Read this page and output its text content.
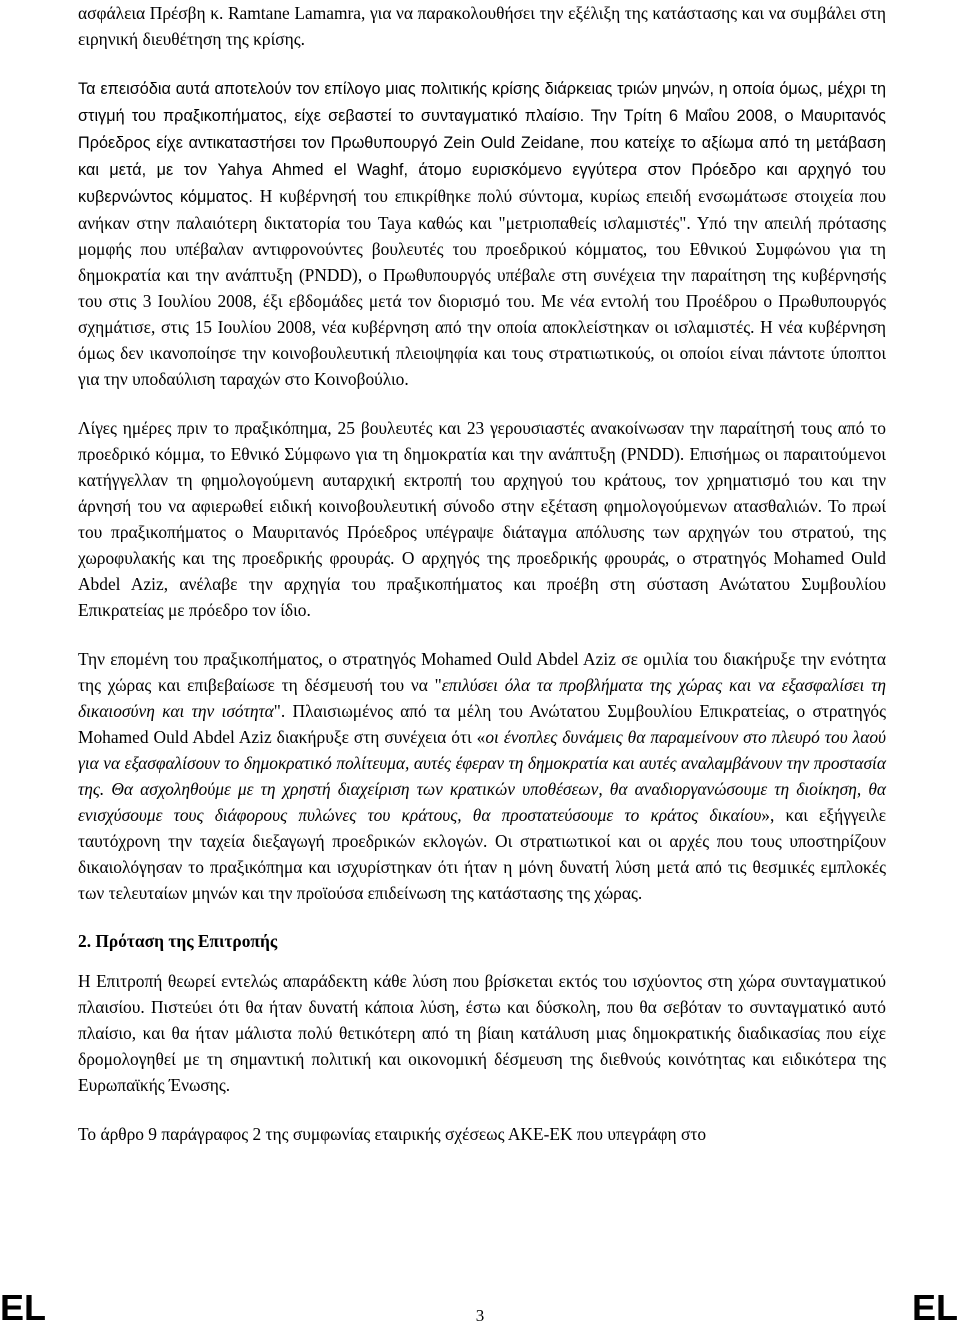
ασφάλεια Πρέσβη κ. Ramtane Lamamra, για να παρακολουθήσει την εξέλιξη της κατάστασης και να συμβάλει στη ειρηνική διευθέτηση της κρίσης.

Τα επεισόδια αυτά αποτελούν τον επίλογο μιας πολιτικής κρίσης διάρκειας τριών μηνών, η οποία όμως, μέχρι τη στιγμή του πραξικοπήματος, είχε σεβαστεί το συνταγματικό πλαίσιο. Την Τρίτη 6 Μαΐου 2008, ο Μαυριτανός Πρόεδρος είχε αντικαταστήσει τον Πρωθυπουργό Zein Ould Zeidane, που κατείχε το αξίωμα από τη μετάβαση και μετά, με τον Yahya Ahmed el Waghf, άτομο ευρισκόμενο εγγύτερα στον Πρόεδρο και αρχηγό του κυβερνώντος κόμματος. Η κυβέρνησή του επικρίθηκε πολύ σύντομα, κυρίως επειδή ενσωμάτωσε στοιχεία που ανήκαν στην παλαιότερη δικτατορία του Taya καθώς και "μετριοπαθείς ισλαμιστές". Υπό την απειλή πρότασης μομφής που υπέβαλαν αντιφρονούντες βουλευτές του προεδρικού κόμματος, του Εθνικού Συμφώνου για τη δημοκρατία και την ανάπτυξη (PNDD), ο Πρωθυπουργός υπέβαλε στη συνέχεια την παραίτηση της κυβέρνησής του στις 3 Ιουλίου 2008, έξι εβδομάδες μετά τον διορισμό του. Με νέα εντολή του Προέδρου ο Πρωθυπουργός σχημάτισε, στις 15 Ιουλίου 2008, νέα κυβέρνηση από την οποία αποκλείστηκαν οι ισλαμιστές. Η νέα κυβέρνηση όμως δεν ικανοποίησε την κοινοβουλευτική πλειοψηφία και τους στρατιωτικούς, οι οποίοι είναι πάντοτε ύποπτοι για την υποδαύλιση ταραχών στο Κοινοβούλιο.

Λίγες ημέρες πριν το πραξικόπημα, 25 βουλευτές και 23 γερουσιαστές ανακοίνωσαν την παραίτησή τους από το προεδρικό κόμμα, το Εθνικό Σύμφωνο για τη δημοκρατία και την ανάπτυξη (PNDD). Επισήμως οι παραιτούμενοι κατήγγελλαν τη φημολογούμενη αυταρχική εκτροπή του αρχηγού του κράτους, τον χρηματισμό του και την άρνησή του να αφιερωθεί ειδική κοινοβουλευτική σύνοδο στην εξέταση φημολογούμενων ατασθαλιών. Το πρωί του πραξικοπήματος ο Μαυριτανός Πρόεδρος υπέγραψε διάταγμα απόλυσης των αρχηγών του στρατού, της χωροφυλακής και της προεδρικής φρουράς. Ο αρχηγός της προεδρικής φρουράς, ο στρατηγός Mohamed Ould Abdel Aziz, ανέλαβε την αρχηγία του πραξικοπήματος και προέβη στη σύσταση Ανώτατου Συμβουλίου Επικρατείας με πρόεδρο τον ίδιο.

Την επομένη του πραξικοπήματος, ο στρατηγός Mohamed Ould Abdel Aziz σε ομιλία του διακήρυξε την ενότητα της χώρας και επιβεβαίωσε τη δέσμευσή του να "επιλύσει όλα τα προβλήματα της χώρας και να εξασφαλίσει τη δικαιοσύνη και την ισότητα". Πλαισιωμένος από τα μέλη του Ανώτατου Συμβουλίου Επικρατείας, ο στρατηγός Mohamed Ould Abdel Aziz διακήρυξε στη συνέχεια ότι «οι ένοπλες δυνάμεις θα παραμείνουν στο πλευρό του λαού για να εξασφαλίσουν το δημοκρατικό πολίτευμα, αυτές έφεραν τη δημοκρατία και αυτές αναλαμβάνουν την προστασία της. Θα ασχοληθούμε με τη χρηστή διαχείριση των κρατικών υποθέσεων, θα αναδιοργανώσουμε τη διοίκηση, θα ενισχύσουμε τους διάφορους πυλώνες του κράτους, θα προστατεύσουμε το κράτος δικαίου», και εξήγγειλε ταυτόχρονη την ταχεία διεξαγωγή προεδρικών εκλογών. Οι στρατιωτικοί και οι αρχές που τους υποστηρίζουν δικαιολόγησαν το πραξικόπημα και ισχυρίστηκαν ότι ήταν η μόνη δυνατή λύση μετά από τις θεσμικές εμπλοκές των τελευταίων μηνών και την προϊούσα επιδείνωση της κατάστασης της χώρας.

2. Πρόταση της Επιτροπής

Η Επιτροπή θεωρεί εντελώς απαράδεκτη κάθε λύση που βρίσκεται εκτός του ισχύοντος στη χώρα συνταγματικού πλαισίου. Πιστεύει ότι θα ήταν δυνατή κάποια λύση, έστω και δύσκολη, που θα σεβόταν το συνταγματικό αυτό πλαίσιο, και θα ήταν μάλιστα πολύ θετικότερη από τη βίαιη κατάλυση μιας δημοκρατικής διαδικασίας που είχε δρομολογηθεί με τη σημαντική πολιτική και οικονομική δέσμευση της διεθνούς κοινότητας και ειδικότερα της Ευρωπαϊκής Ένωσης.

Το άρθρο 9 παράγραφος 2 της συμφωνίας εταιρικής σχέσεως ΑΚΕ-ΕΚ που υπεγράφη στο

EL	3	EL
